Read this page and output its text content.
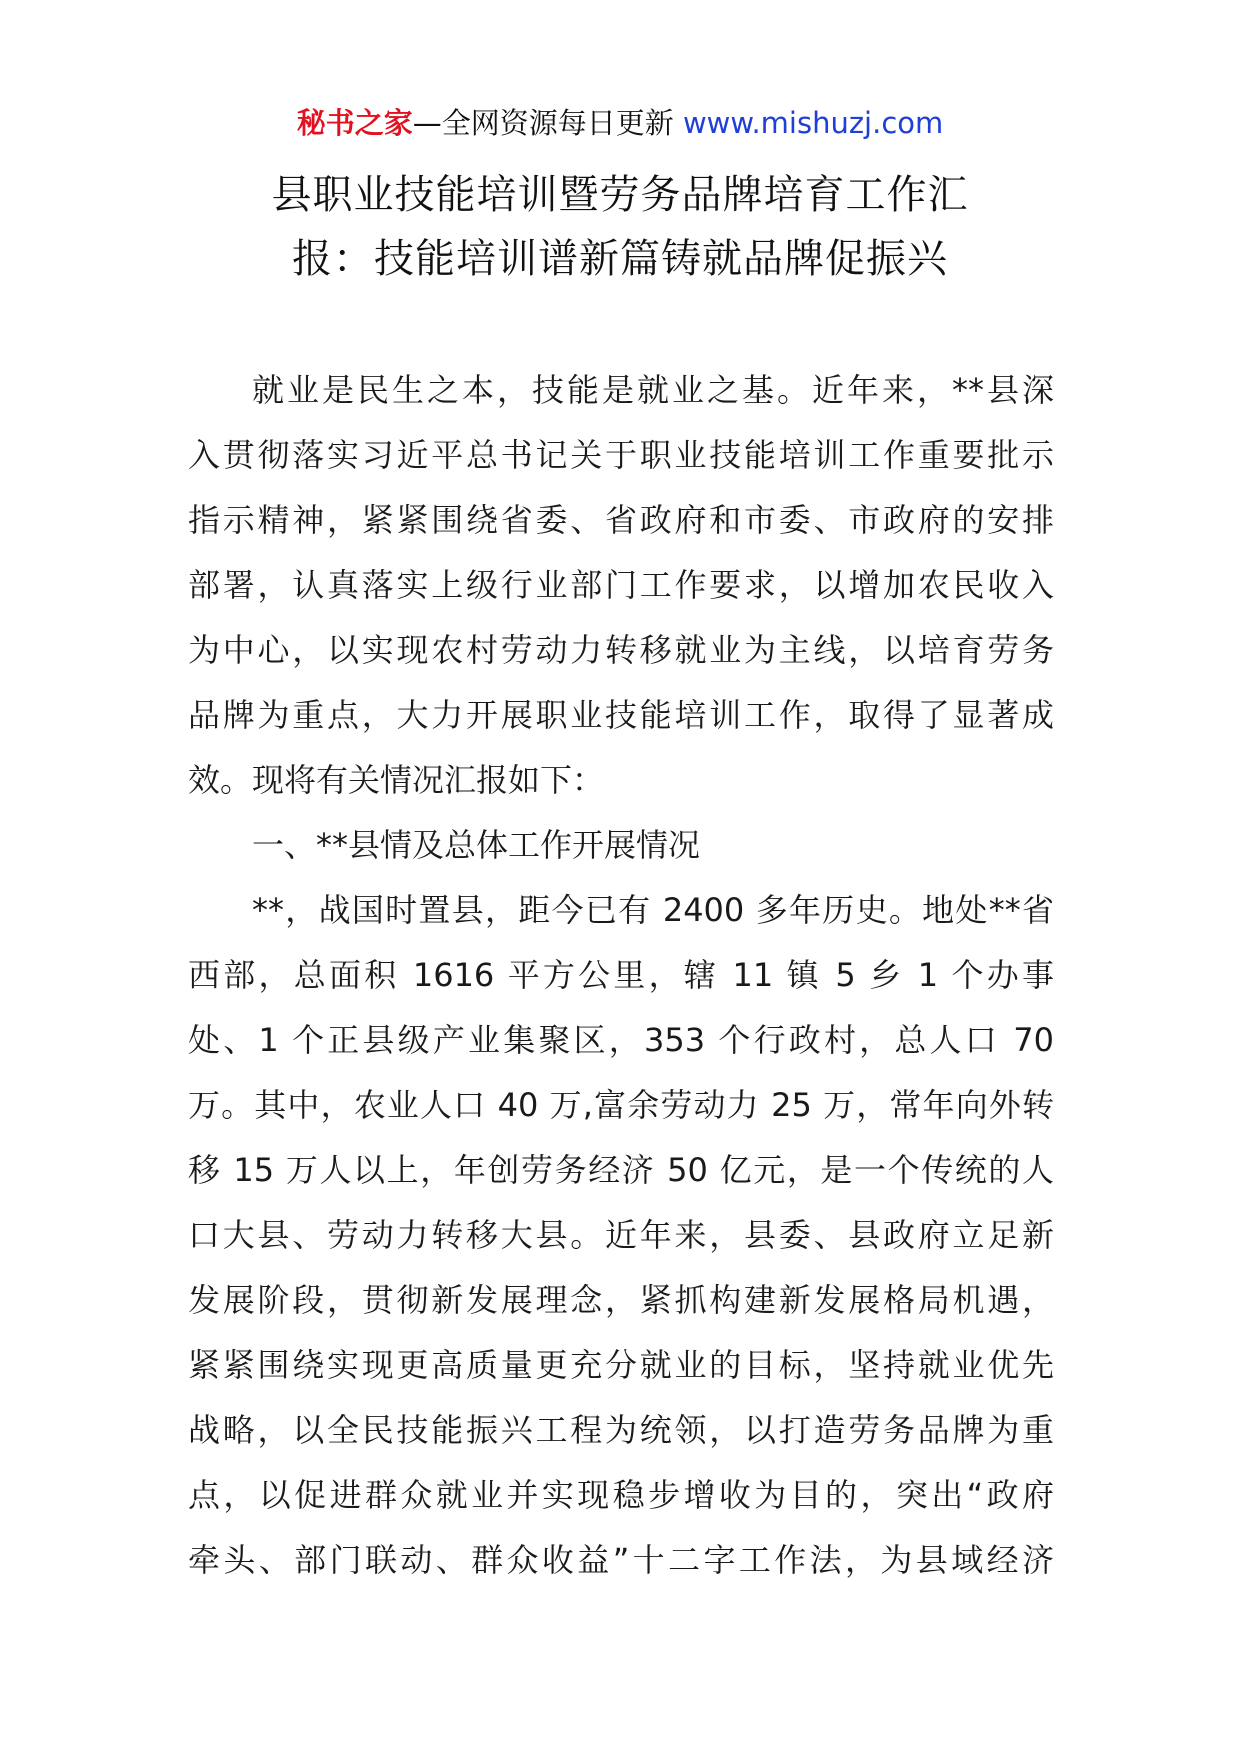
秘书之家—全网资源每日更新 www.mishuzj.com
县职业技能培训暨劳务品牌培育工作汇
报：技能培训谱新篇铸就品牌促振兴
就业是民生之本，技能是就业之基。近年来，**县深
入贯彻落实习近平总书记关于职业技能培训工作重要批示
指示精神，紧紧围绕省委、省政府和市委、市政府的安排
部署，认真落实上级行业部门工作要求，以增加农民收入
为中心，以实现农村劳动力转移就业为主线，以培育劳务
品牌为重点，大力开展职业技能培训工作，取得了显著成
效。现将有关情况汇报如下：
一、**县情及总体工作开展情况
**，战国时置县，距今已有 2400 多年历史。地处**省
西部，总面积 1616 平方公里，辖 11 镇 5 乡 1 个办事
处、1 个正县级产业集聚区，353 个行政村，总人口 70
万。其中，农业人口 40 万,富余劳动力 25 万，常年向外转
移 15 万人以上，年创劳务经济 50 亿元，是一个传统的人
口大县、劳动力转移大县。近年来，县委、县政府立足新
发展阶段，贯彻新发展理念，紧抓构建新发展格局机遇，
紧紧围绕实现更高质量更充分就业的目标，坚持就业优先
战略，以全民技能振兴工程为统领，以打造劳务品牌为重
点，以促进群众就业并实现稳步增收为目的，突出“政府
牵头、部门联动、群众收益”十二字工作法，为县域经济
